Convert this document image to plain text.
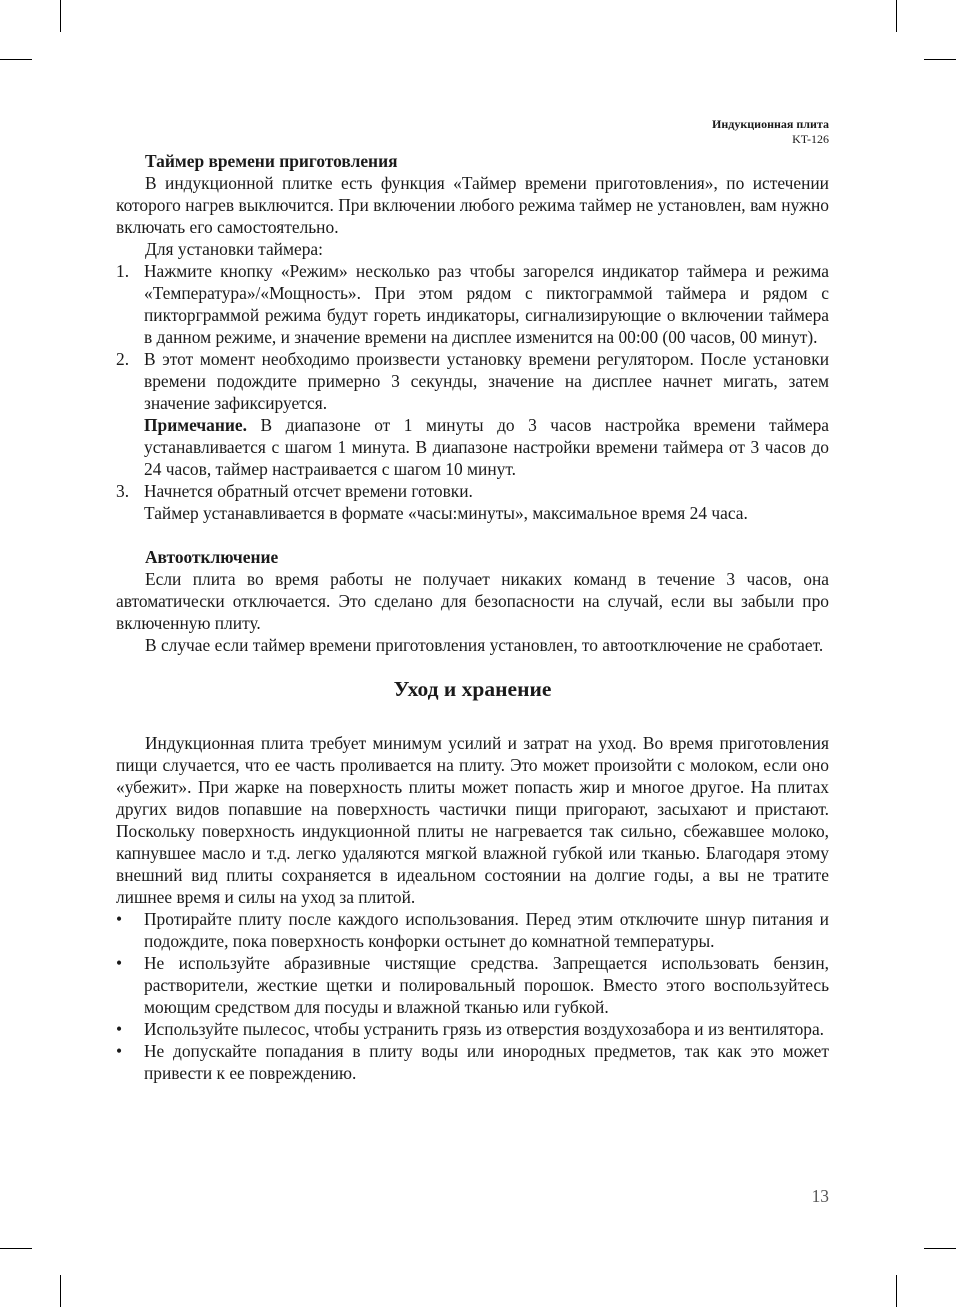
Индукционная плита
KT-126

Таймер времени приготовления

В индукционной плитке есть функция «Таймер времени приготовления», по истечении которого нагрев выключится. При включении любого режима таймер не установлен, вам нужно включать его самостоятельно.

Для установки таймера:

1. Нажмите кнопку «Режим» несколько раз чтобы загорелся индикатор таймера и режима «Температура»/«Мощность». При этом рядом с пиктограммой таймера и рядом с пикторграммой режима будут гореть индикаторы, сигнализирующие о включении таймера в данном режиме, и значение времени на дисплее изменится на 00:00 (00 часов, 00 минут).

2. В этот момент необходимо произвести установку времени регулятором. После установки времени подождите примерно 3 секунды, значение на дисплее начнет мигать, затем значение зафиксируется.

Примечание. В диапазоне от 1 минуты до 3 часов настройка времени таймера устанавливается с шагом 1 минута. В диапазоне настройки времени таймера от 3 часов до 24 часов, таймер настраивается с шагом 10 минут.

3. Начнется обратный отсчет времени готовки.

Таймер устанавливается в формате «часы:минуты», максимальное время 24 часа.

Автоотключение

Если плита во время работы не получает никаких команд в течение 3 часов, она автоматически отключается. Это сделано для безопасности на случай, если вы забыли про включенную плиту.

В случае если таймер времени приготовления установлен, то автоотключение не сработает.

Уход и хранение

Индукционная плита требует минимум усилий и затрат на уход. Во время приготовления пищи случается, что ее часть проливается на плиту. Это может произойти с молоком, если оно «убежит». При жарке на поверхность плиты может попасть жир и многое другое. На плитах других видов попавшие на поверхность частички пищи пригорают, засыхают и пристают. Поскольку поверхность индукционной плиты не нагревается так сильно, сбежавшее молоко, капнувшее масло и т.д. легко удаляются мягкой влажной губкой или тканью. Благодаря этому внешний вид плиты сохраняется в идеальном состоянии на долгие годы, а вы не тратите лишнее время и силы на уход за плитой.

• Протирайте плиту после каждого использования. Перед этим отключите шнур питания и подождите, пока поверхность конфорки остынет до комнатной температуры.

• Не используйте абразивные чистящие средства. Запрещается использовать бензин, растворители, жесткие щетки и полировальный порошок. Вместо этого воспользуйтесь моющим средством для посуды и влажной тканью или губкой.

• Используйте пылесос, чтобы устранить грязь из отверстия воздухозабора и из вентилятора.

• Не допускайте попадания в плиту воды или инородных предметов, так как это может привести к ее повреждению.

13
